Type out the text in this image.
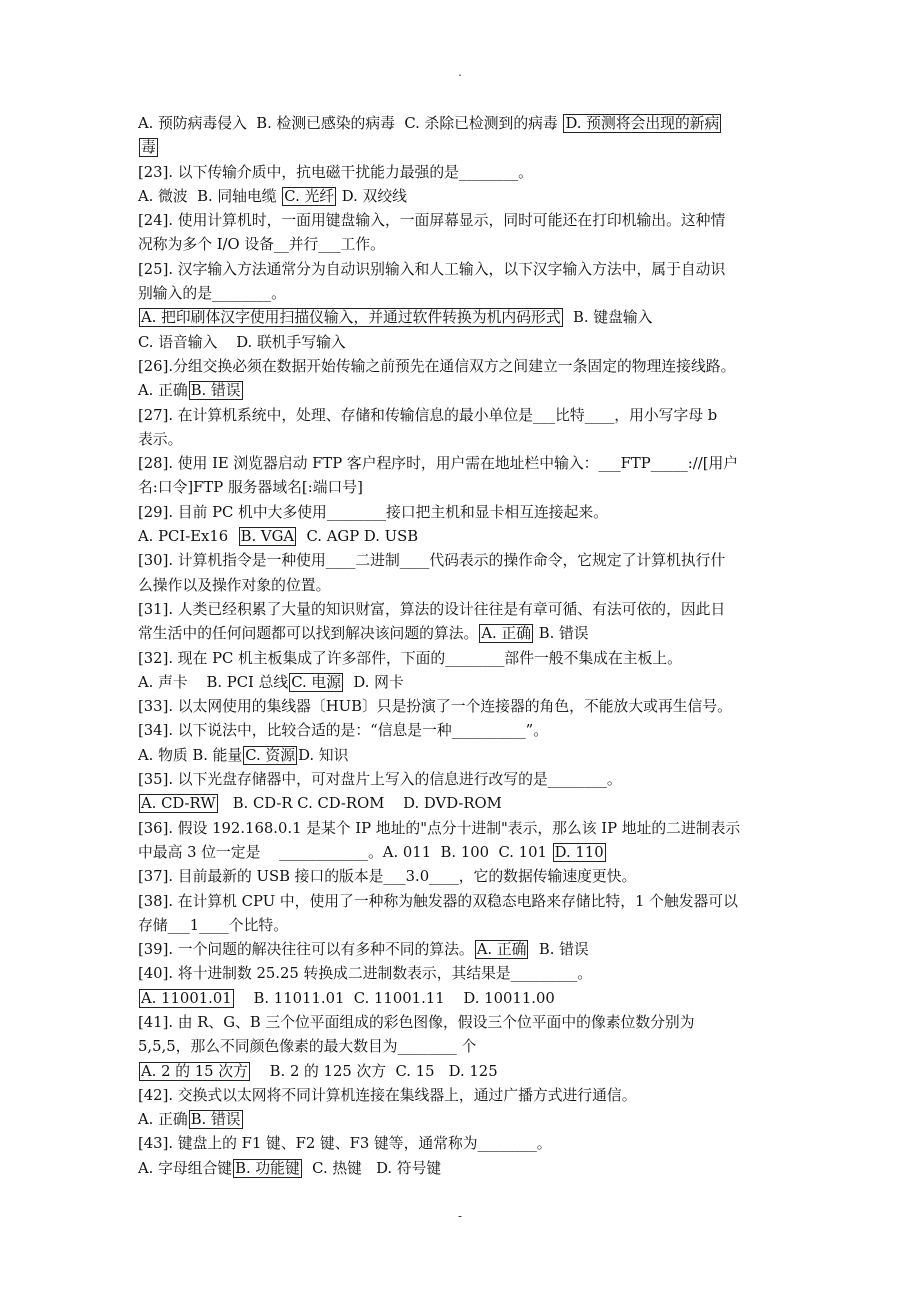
.
A. 预防病毒侵入  B. 检测已感染的病毒  C. 杀除已检测到的病毒 D. 预测将会出现的新病
毒
[23]. 以下传输介质中，抗电磁干扰能力最强的是________。
A. 微波  B. 同轴电缆 C. 光纤 D. 双绞线
[24]. 使用计算机时，一面用键盘输入，一面屏幕显示，同时可能还在打印机输出。这种情
况称为多个 I/O 设备__并行___工作。
[25]. 汉字输入方法通常分为自动识别输入和人工输入，以下汉字输入方法中，属于自动识
别输入的是________。
A. 把印刷体汉字使用扫描仪输入，并通过软件转换为机内码形式  B. 键盘输入
C. 语音输入    D. 联机手写输入
[26].分组交换必须在数据开始传输之前预先在通信双方之间建立一条固定的物理连接线路。
A. 正确 B. 错误
[27]. 在计算机系统中，处理、存储和传输信息的最小单位是___比特____，用小写字母 b
表示。
[28]. 使用 IE 浏览器启动 FTP 客户程序时，用户需在地址栏中输入：___FTP_____://[用户
名:口令]FTP 服务器域名[:端口号]
[29]. 目前 PC 机中大多使用________接口把主机和显卡相互连接起来。
A. PCI-Ex16  B. VGA  C. AGP D. USB
[30]. 计算机指令是一种使用____二进制____代码表示的操作命令，它规定了计算机执行什
么操作以及操作对象的位置。
[31]. 人类已经积累了大量的知识财富，算法的设计往往是有章可循、有法可依的，因此日
常生活中的任何问题都可以找到解决该问题的算法。 A. 正确 B. 错误
[32]. 现在 PC 机主板集成了许多部件，下面的________部件一般不集成在主板上。
A. 声卡    B. PCI 总线 C. 电源  D. 网卡
[33]. 以太网使用的集线器〔HUB〕只是扮演了一个连接器的角色，不能放大或再生信号。
[34]. 以下说法中，比较合适的是：“信息是一种__________”。
A. 物质 B. 能量 C. 资源 D. 知识
[35]. 以下光盘存储器中，可对盘片上写入的信息进行改写的是________。
A. CD-RW   B. CD-R C. CD-ROM    D. DVD-ROM
[36]. 假设 192.168.0.1 是某个 IP 地址的"点分十进制"表示，那么该 IP 地址的二进制表示
中最高 3 位一定是    ____________。A. 011  B. 100  C. 101 D. 110
[37]. 目前最新的 USB 接口的版本是___3.0____，它的数据传输速度更快。
[38]. 在计算机 CPU 中，使用了一种称为触发器的双稳态电路来存储比特，1 个触发器可以
存储___1____个比特。
[39]. 一个问题的解决往往可以有多种不同的算法。 A. 正确  B. 错误
[40]. 将十进制数 25.25 转换成二进制数表示，其结果是_________。
A. 11001.01    B. 11011.01  C. 11001.11    D. 10011.00
[41]. 由 R、G、B 三个位平面组成的彩色图像，假设三个位平面中的像素位数分别为
5,5,5，那么不同颜色像素的最大数目为________ 个
A. 2 的 15 次方    B. 2 的 125 次方  C. 15   D. 125
[42]. 交换式以太网将不同计算机连接在集线器上，通过广播方式进行通信。
A. 正确 B. 错误
[43]. 键盘上的 F1 键、F2 键、F3 键等，通常称为________。
A. 字母组合键 B. 功能键  C. 热键   D. 符号键
-
